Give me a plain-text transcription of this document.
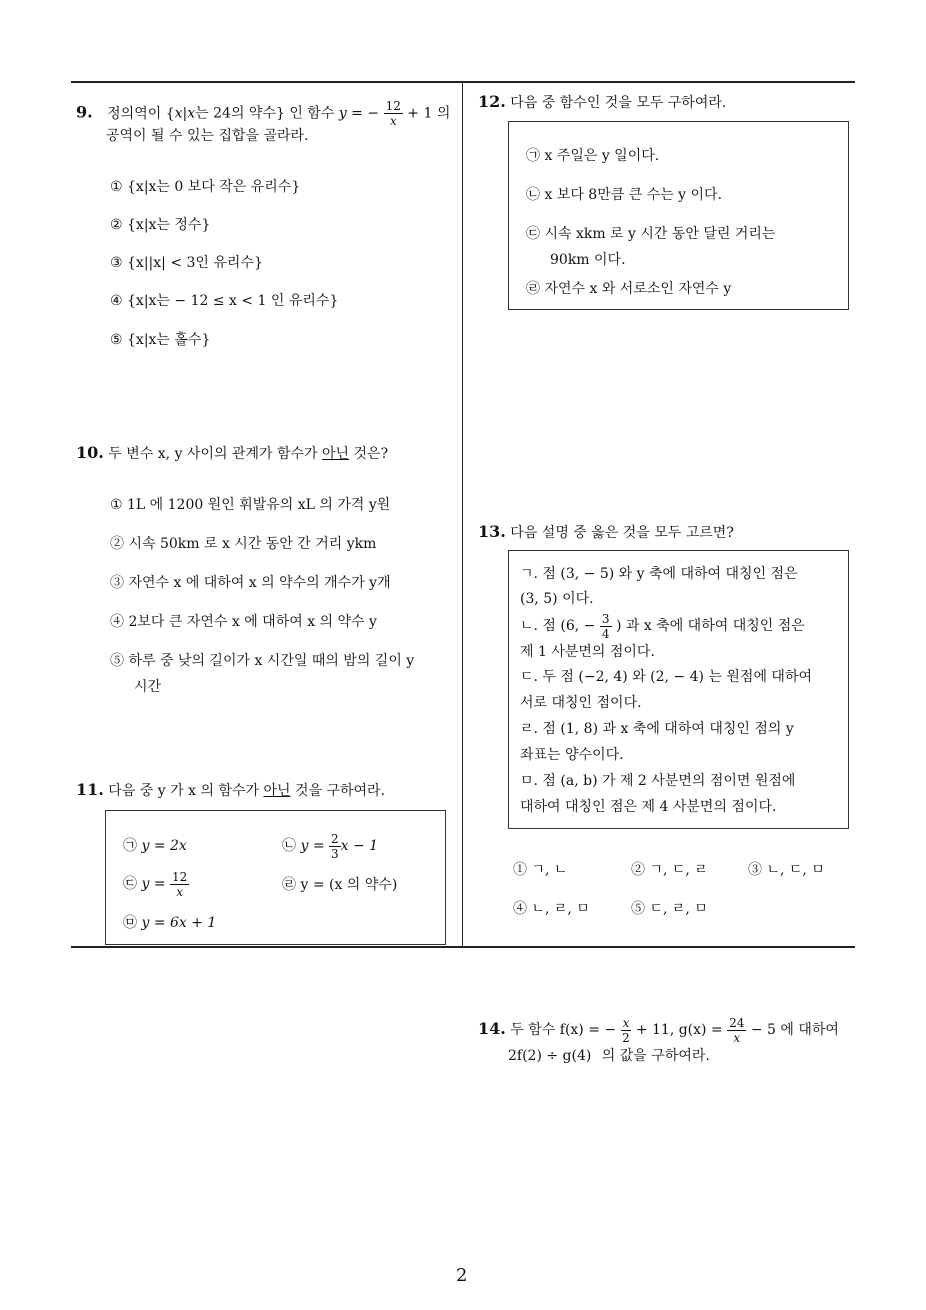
2
9. 정의역이 {x|x는 24의 약수} 인 함수 y = − $\frac{12}{x} + 1$ 의
공역이 될 수 있는 집합을 골라라.
① {x|x는 0 보다 작은 유리수}
② {x|x는 정수}
③ {x||x| < 3인 유리수}
④ {x|x는 − 12 ≤ x < 1 인 유리수}
⑤ {x|x는 홀수}
10. 두 변수 x, y 사이의 관계가 함수가 아닌 것은?
① 1L 에 1200 원인 휘발유의 xL 의 가격 y원
② 시속 50km 로 x 시간 동안 간 거리 ykm
③ 자연수 x 에 대하여 x 의 약수의 개수가 y개
④ 2보다 큰 자연수 x 에 대하여 x 의 약수 y
⑤ 하루 중 낮의 길이가 x 시간일 때의 밤의 길이 y
시간
11. 다음 중 y 가 x 의 함수가 아닌 것을 구하여라.
㉠ y = 2x	㉡ $y = \frac{2}{3}$ x − 1
㉢ $y = \frac{12}{x}$	㉣ y = (x 의 약수)
㉤ y = 6x + 1
12. 다음 중 함수인 것을 모두 구하여라.
㉠ x 주일은 y 일이다.
㉡ x 보다 8만큼 큰 수는 y 이다.
㉢ 시속 xkm 로 y 시간 동안 달린 거리는
90km 이다.
㉣ 자연수 x 와 서로소인 자연수 y
13. 다음 설명 중 옳은 것을 모두 고르면?
ㄱ. 점 (3, − 5) 와 y 축에 대하여 대칭인 점은
(3, 5) 이다.
ㄴ. 점 (6, − $\frac{3}{4}$ ) 과 x 축에 대하여 대칭인 점은
제 1 사분면의 점이다.
ㄷ. 두 점 (−2, 4) 와 (2, − 4) 는 원점에 대하여
서로 대칭인 점이다.
ㄹ. 점 (1, 8) 과 x 축에 대하여 대칭인 점의 y
좌표는 양수이다.
ㅁ. 점 (a, b) 가 제 2 사분면의 점이면 원점에
대하여 대칭인 점은 제 4 사분면의 점이다.
① ㄱ, ㄴ	② ㄱ, ㄷ, ㄹ	③ ㄴ, ㄷ, ㅁ
④ ㄴ, ㄹ, ㅁ	⑤ ㄷ, ㄹ, ㅁ
14. 두 함수 f(x) = − $\frac{x}{2} + 11$, $g(x) = \frac{24}{x} - 5$ 에 대하여
2f(2) ÷ g(4) 의 값을 구하여라.
